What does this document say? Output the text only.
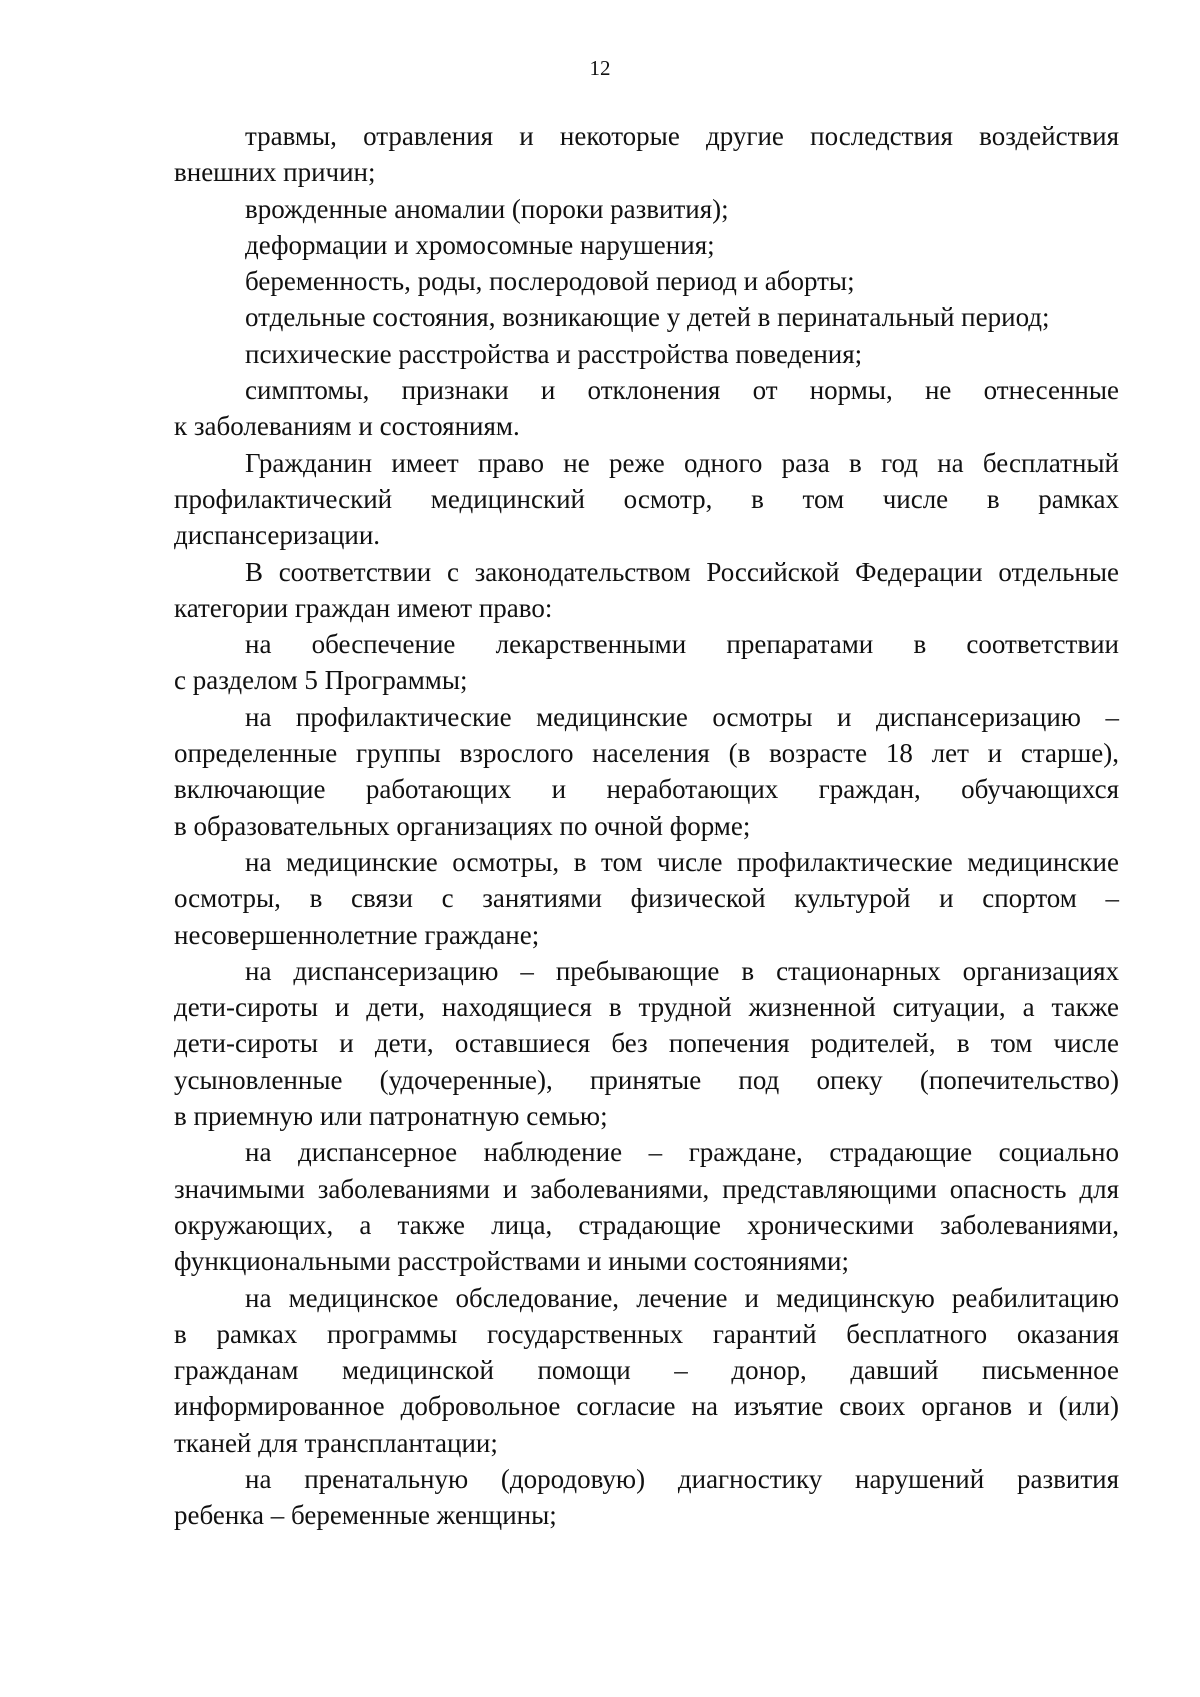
12
травмы, отравления и некоторые другие последствия воздействия
внешних причин;
врожденные аномалии (пороки развития);
деформации и хромосомные нарушения;
беременность, роды, послеродовой период и аборты;
отдельные состояния, возникающие у детей в перинатальный период;
психические расстройства и расстройства поведения;
симптомы, признаки и отклонения от нормы, не отнесенные
к заболеваниям и состояниям.
Гражданин имеет право не реже одного раза в год на бесплатный
профилактический медицинский осмотр, в том числе в рамках
диспансеризации.
В соответствии с законодательством Российской Федерации отдельные
категории граждан имеют право:
на обеспечение лекарственными препаратами в соответствии
с разделом 5 Программы;
на профилактические медицинские осмотры и диспансеризацию –
определенные группы взрослого населения (в возрасте 18 лет и старше),
включающие работающих и неработающих граждан, обучающихся
в образовательных организациях по очной форме;
на медицинские осмотры, в том числе профилактические медицинские
осмотры, в связи с занятиями физической культурой и спортом –
несовершеннолетние граждане;
на диспансеризацию – пребывающие в стационарных организациях
дети-сироты и дети, находящиеся в трудной жизненной ситуации, а также
дети-сироты и дети, оставшиеся без попечения родителей, в том числе
усыновленные (удочеренные), принятые под опеку (попечительство)
в приемную или патронатную семью;
на диспансерное наблюдение – граждане, страдающие социально
значимыми заболеваниями и заболеваниями, представляющими опасность для
окружающих, а также лица, страдающие хроническими заболеваниями,
функциональными расстройствами и иными состояниями;
на медицинское обследование, лечение и медицинскую реабилитацию
в рамках программы государственных гарантий бесплатного оказания
гражданам медицинской помощи – донор, давший письменное
информированное добровольное согласие на изъятие своих органов и (или)
тканей для трансплантации;
на пренатальную (дородовую) диагностику нарушений развития
ребенка – беременные женщины;
